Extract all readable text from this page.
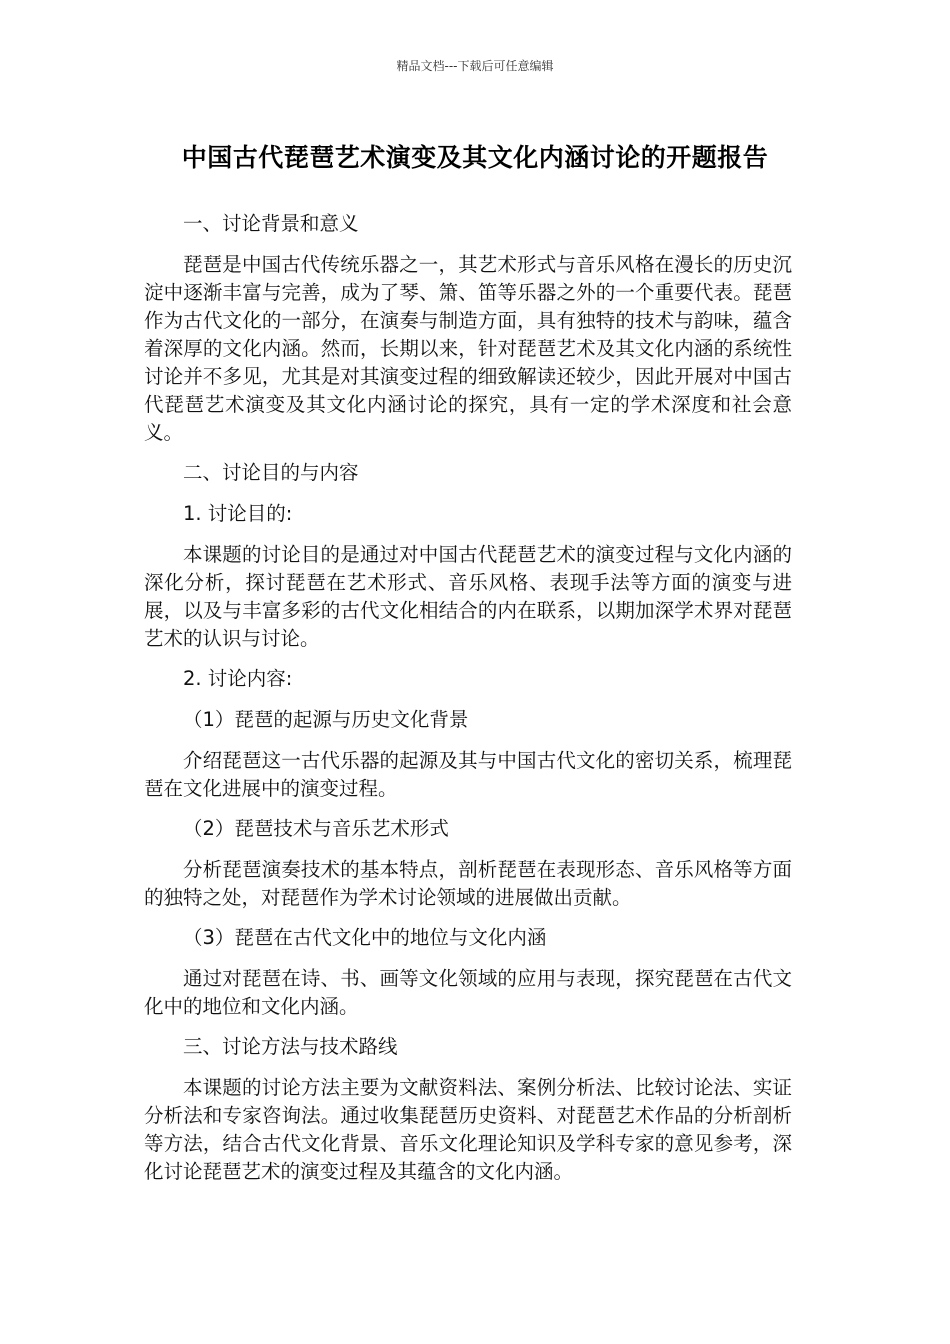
精品文档---下载后可任意编辑
中国古代琵琶艺术演变及其文化内涵讨论的开题报告

一、讨论背景和意义

琵琶是中国古代传统乐器之一，其艺术形式与音乐风格在漫长的历史沉淀中逐渐丰富与完善，成为了琴、箫、笛等乐器之外的一个重要代表。琵琶作为古代文化的一部分，在演奏与制造方面，具有独特的技术与韵味，蕴含着深厚的文化内涵。然而，长期以来，针对琵琶艺术及其文化内涵的系统性讨论并不多见，尤其是对其演变过程的细致解读还较少，因此开展对中国古代琵琶艺术演变及其文化内涵讨论的探究，具有一定的学术深度和社会意义。

二、讨论目的与内容

1. 讨论目的:

本课题的讨论目的是通过对中国古代琵琶艺术的演变过程与文化内涵的深化分析，探讨琵琶在艺术形式、音乐风格、表现手法等方面的演变与进展，以及与丰富多彩的古代文化相结合的内在联系，以期加深学术界对琵琶艺术的认识与讨论。

2. 讨论内容:

（1）琵琶的起源与历史文化背景

介绍琵琶这一古代乐器的起源及其与中国古代文化的密切关系，梳理琵琶在文化进展中的演变过程。

（2）琵琶技术与音乐艺术形式

分析琵琶演奏技术的基本特点，剖析琵琶在表现形态、音乐风格等方面的独特之处，对琵琶作为学术讨论领域的进展做出贡献。

（3）琵琶在古代文化中的地位与文化内涵

通过对琵琶在诗、书、画等文化领域的应用与表现，探究琵琶在古代文化中的地位和文化内涵。

三、讨论方法与技术路线

本课题的讨论方法主要为文献资料法、案例分析法、比较讨论法、实证分析法和专家咨询法。通过收集琵琶历史资料、对琵琶艺术作品的分析剖析等方法，结合古代文化背景、音乐文化理论知识及学科专家的意见参考，深化讨论琵琶艺术的演变过程及其蕴含的文化内涵。
